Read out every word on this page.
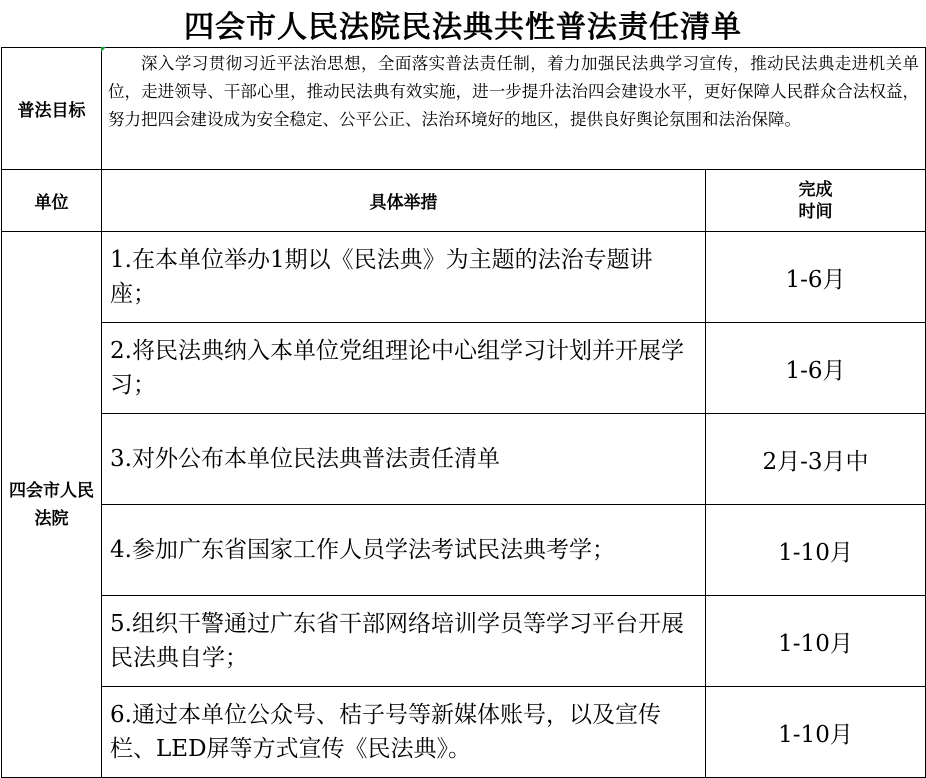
四会市人民法院民法典共性普法责任清单
普法目标	深入学习贯彻习近平法治思想，全面落实普法责任制，着力加强民法典学习宣传，推动民法典走进机关单位，走进领导、干部心里，推动民法典有效实施，进一步提升法治四会建设水平，更好保障人民群众合法权益，努力把四会建设成为安全稳定、公平公正、法治环境好的地区，提供良好舆论氛围和法治保障。	
单位	具体举措	完成时间

四会市人民法院	1.在本单位举办1期以《民法典》为主题的法治专题讲座；	1-6月
	2.将民法典纳入本单位党组理论中心组学习计划并开展学习；	1-6月
	3.对外公布本单位民法典普法责任清单	2月-3月中
	4.参加广东省国家工作人员学法考试民法典考学；	1-10月
	5.组织干警通过广东省干部网络培训学员等学习平台开展民法典自学；	1-10月
	6.通过本单位公众号、桔子号等新媒体账号，以及宣传栏、LED屏等方式宣传《民法典》。	1-10月
